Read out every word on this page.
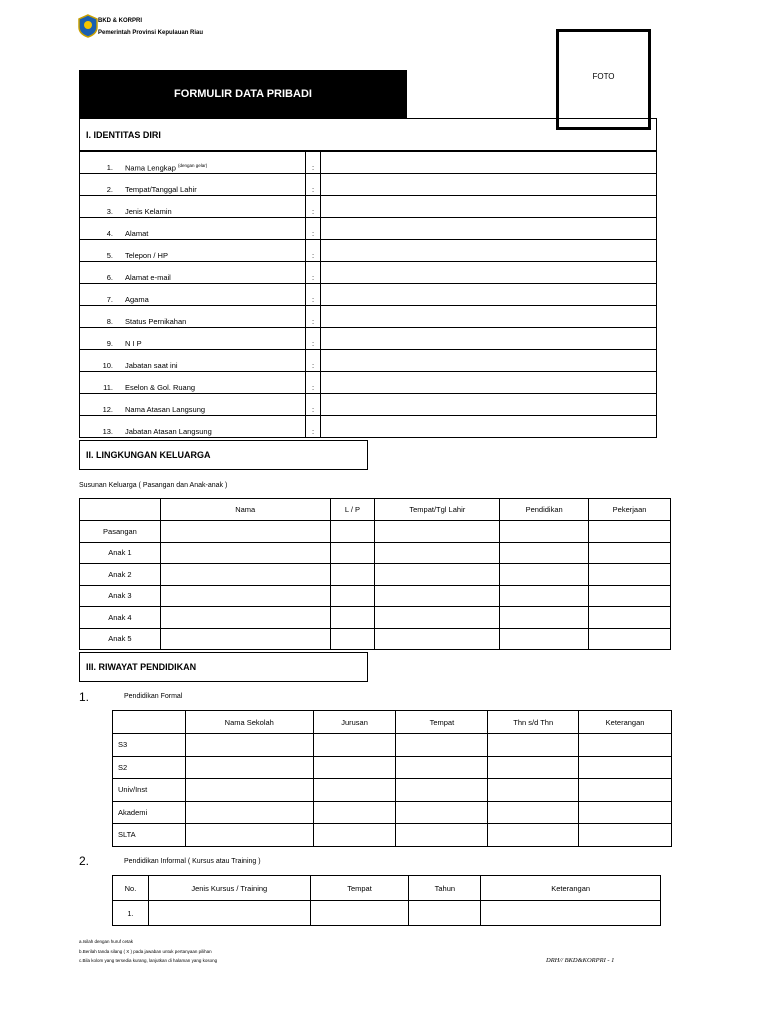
BKD & KORPRI
Pemerintah Provinsi Kepulauan Riau
FORMULIR DATA PRIBADI
FOTO
I. IDENTITAS DIRI
1.	Nama Lengkap $^{(dengan gelar)}$	:	
2.	Tempat/Tanggal Lahir	:	
3.	Jenis Kelamin	:	
4.	Alamat	:	
5.	Telepon / HP	:	
6.	Alamat e-mail	:	
7.	Agama	:	
8.	Status Pernikahan	:	
9.	N I P	:	
10.	Jabatan saat ini	:	
11.	Eselon & Gol. Ruang	:	
12.	Nama Atasan Langsung	:	
13.	Jabatan Atasan Langsung	:	
II. LINGKUNGAN KELUARGA
Susunan Keluarga ( Pasangan dan Anak-anak )
	Nama	L / P	Tempat/Tgl Lahir	Pendidikan	Pekerjaan
Pasangan					
Anak 1					
Anak 2					
Anak 3					
Anak 4					
Anak 5					
III. RIWAYAT PENDIDIKAN
1.	Pendidikan Formal
	Nama Sekolah	Jurusan	Tempat	Thn s/d Thn	Keterangan
S3					
S2					
Univ/Inst					
Akademi					
SLTA					
2.	Pendidikan Informal ( Kursus atau Training )
No.	Jenis Kursus / Training	Tempat	Tahun	Keterangan
1.				
a.Isilah dengan huruf cetak
b.Berilah tanda silang ( X ) pada jawaban untuk pertanyaan pilihan
c.Bila kolom yang tersedia kurang, lanjutkan di halaman yang kosong	DRH// BKD&KORPRI - 1
